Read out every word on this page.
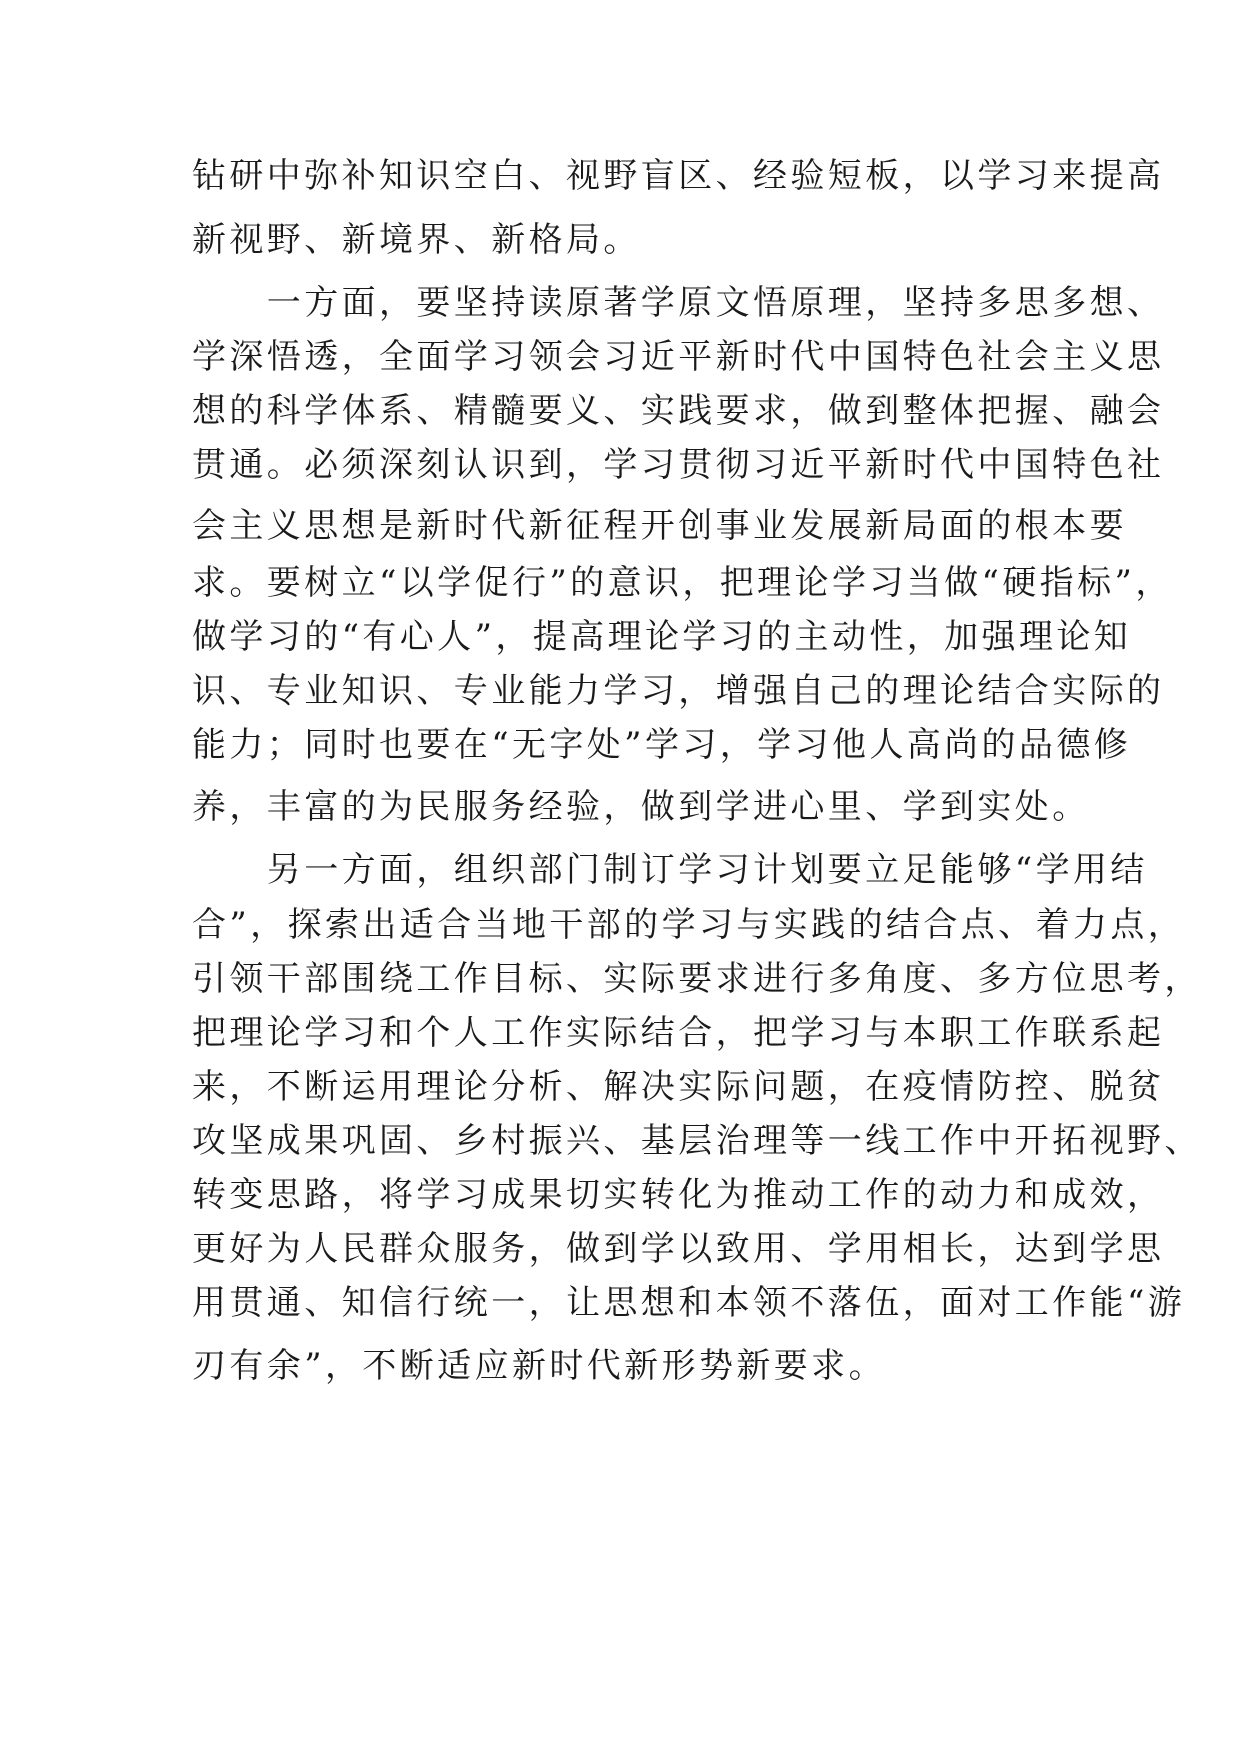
钻研中弥补知识空白、视野盲区、经验短板，以学习来提高
新视野、新境界、新格局。
　　一方面，要坚持读原著学原文悟原理，坚持多思多想、
学深悟透，全面学习领会习近平新时代中国特色社会主义思
想的科学体系、精髓要义、实践要求，做到整体把握、融会
贯通。必须深刻认识到，学习贯彻习近平新时代中国特色社
会主义思想是新时代新征程开创事业发展新局面的根本要
求。要树立“以学促行”的意识，把理论学习当做“硬指标”，
做学习的“有心人”，提高理论学习的主动性，加强理论知
识、专业知识、专业能力学习，增强自己的理论结合实际的
能力；同时也要在“无字处”学习，学习他人高尚的品德修
养，丰富的为民服务经验，做到学进心里、学到实处。
　　另一方面，组织部门制订学习计划要立足能够“学用结
合”，探索出适合当地干部的学习与实践的结合点、着力点，
引领干部围绕工作目标、实际要求进行多角度、多方位思考，
把理论学习和个人工作实际结合，把学习与本职工作联系起
来，不断运用理论分析、解决实际问题，在疫情防控、脱贫
攻坚成果巩固、乡村振兴、基层治理等一线工作中开拓视野、
转变思路，将学习成果切实转化为推动工作的动力和成效，
更好为人民群众服务，做到学以致用、学用相长，达到学思
用贯通、知信行统一，让思想和本领不落伍，面对工作能“游
刃有余”，不断适应新时代新形势新要求。
